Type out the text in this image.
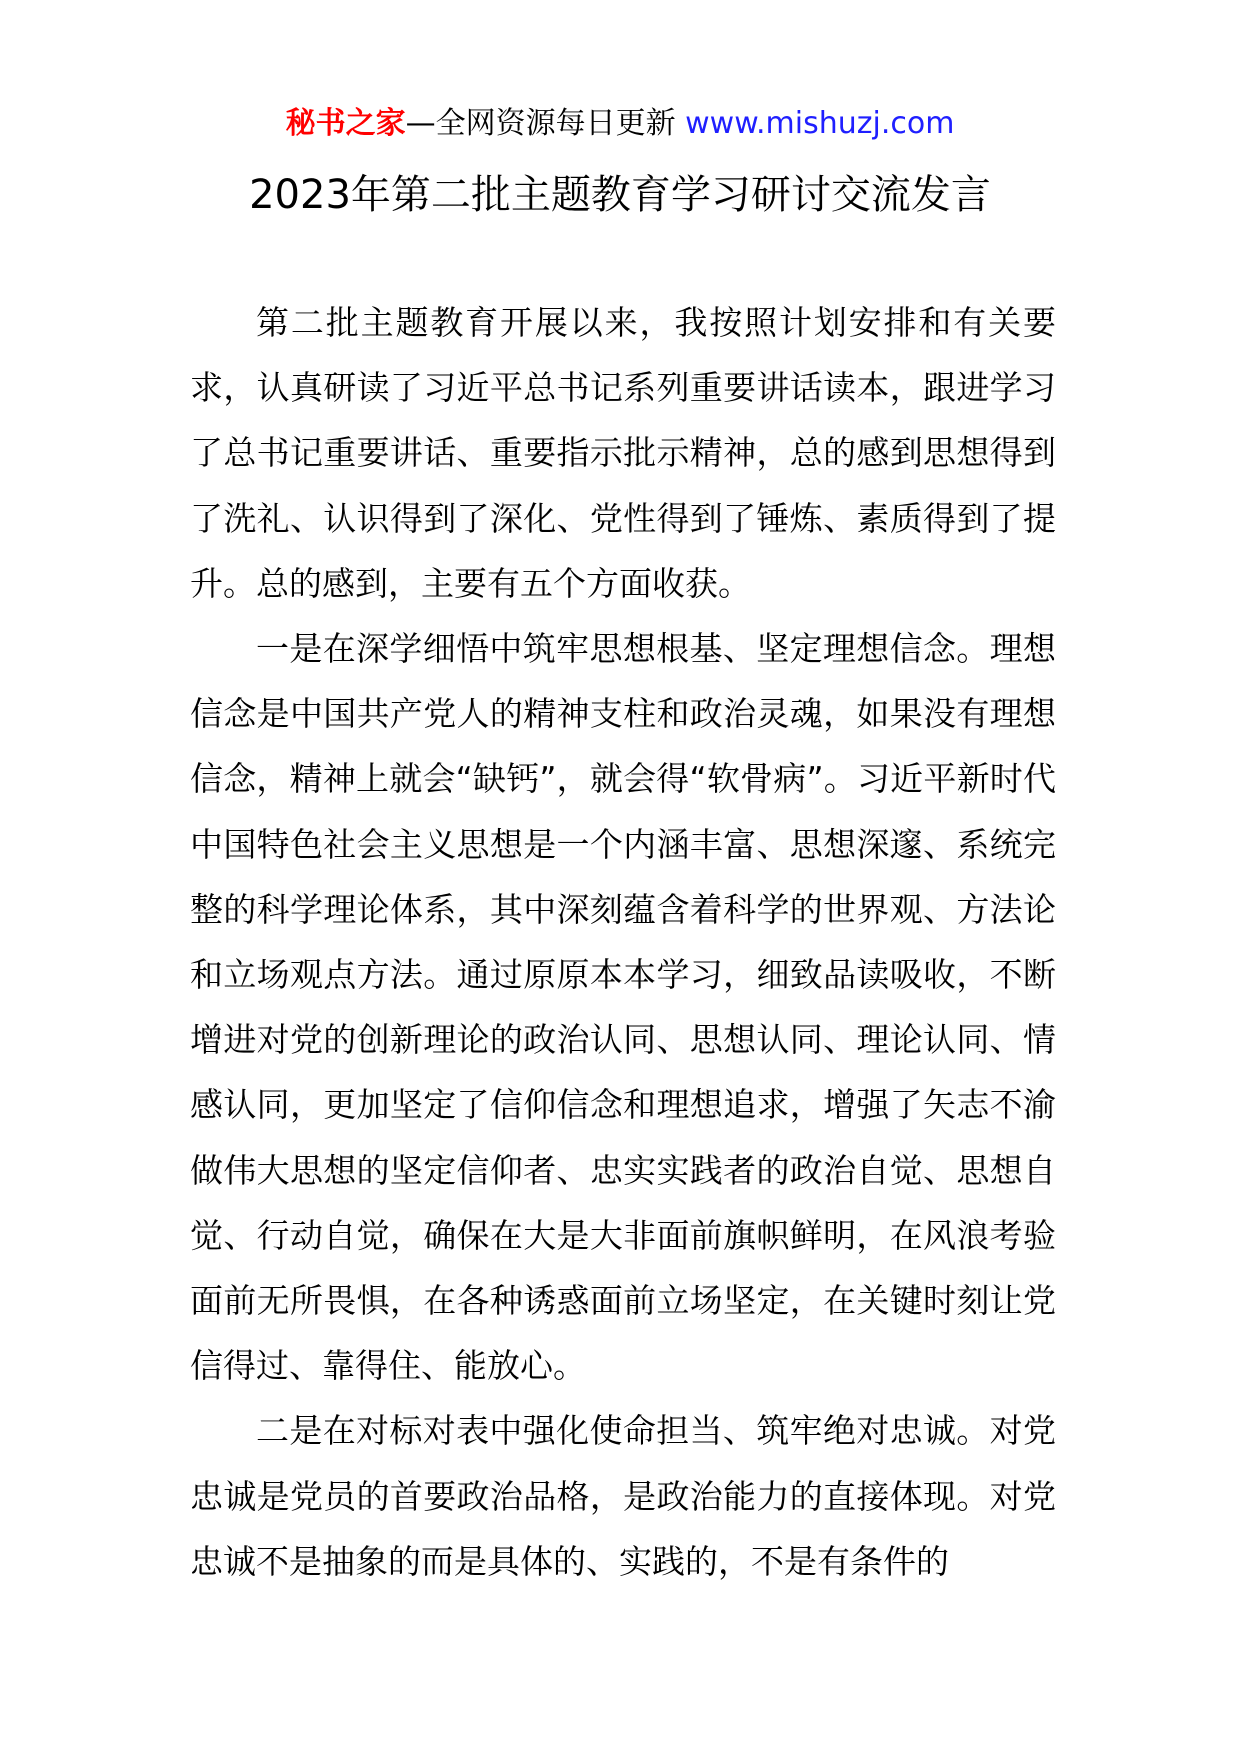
秘书之家—全网资源每日更新 www.mishuzj.com
2023年第二批主题教育学习研讨交流发言

第二批主题教育开展以来，我按照计划安排和有关要求，认真研读了习近平总书记系列重要讲话读本，跟进学习了总书记重要讲话、重要指示批示精神，总的感到思想得到了洗礼、认识得到了深化、党性得到了锤炼、素质得到了提升。总的感到，主要有五个方面收获。

一是在深学细悟中筑牢思想根基、坚定理想信念。理想信念是中国共产党人的精神支柱和政治灵魂，如果没有理想信念，精神上就会“缺钙”，就会得“软骨病”。习近平新时代中国特色社会主义思想是一个内涵丰富、思想深邃、系统完整的科学理论体系，其中深刻蕴含着科学的世界观、方法论和立场观点方法。通过原原本本学习，细致品读吸收，不断增进对党的创新理论的政治认同、思想认同、理论认同、情感认同，更加坚定了信仰信念和理想追求，增强了矢志不渝做伟大思想的坚定信仰者、忠实实践者的政治自觉、思想自觉、行动自觉，确保在大是大非面前旗帜鲜明，在风浪考验面前无所畏惧，在各种诱惑面前立场坚定，在关键时刻让党信得过、靠得住、能放心。

二是在对标对表中强化使命担当、筑牢绝对忠诚。对党忠诚是党员的首要政治品格，是政治能力的直接体现。对党忠诚不是抽象的而是具体的、实践的，不是有条件的
